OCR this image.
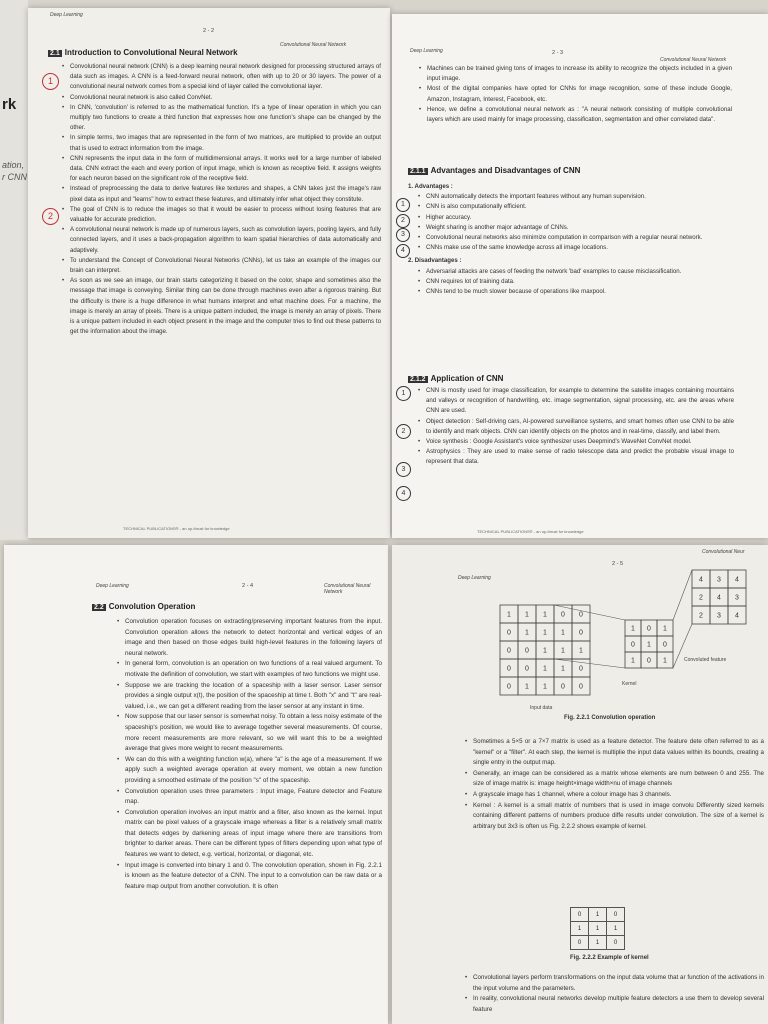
rk
ation,
r CNN
Deep Learning
2 - 2
Convolutional Neural Network
2.1 Introduction to Convolutional Neural Network
1
2
• Convolutional neural network (CNN) is a deep learning neural network designed for processing structured arrays of data such as images. A CNN is a feed-forward neural network, often with up to 20 or 30 layers. The power of a convolutional neural network comes from a special kind of layer called the convolutional layer.
• Convolutional neural network is also called ConvNet.
• In CNN, 'convolution' is referred to as the mathematical function. It's a type of linear operation in which you can multiply two functions to create a third function that expresses how one function's shape can be changed by the other.
• In simple terms, two images that are represented in the form of two matrices, are multiplied to provide an output that is used to extract information from the image.
• CNN represents the input data in the form of multidimensional arrays. It works well for a large number of labeled data. CNN extract the each and every portion of input image, which is known as receptive field. It assigns weights for each neuron based on the significant role of the receptive field.
• Instead of preprocessing the data to derive features like textures and shapes, a CNN takes just the image's raw pixel data as input and "learns" how to extract these features, and ultimately infer what object they constitute.
• The goal of CNN is to reduce the images so that it would be easier to process without losing features that are valuable for accurate prediction.
• A convolutional neural network is made up of numerous layers, such as convolution layers, pooling layers, and fully connected layers, and it uses a back-propagation algorithm to learn spatial hierarchies of data automatically and adaptively.
• To understand the Concept of Convolutional Neural Networks (CNNs), let us take an example of the images our brain can interpret.
• As soon as we see an image, our brain starts categorizing it based on the color, shape and sometimes also the message that image is conveying. Similar thing can be done through machines even after a rigorous training. But the difficulty is there is a huge difference in what humans interpret and what machine does. For a machine, the image is merely an array of pixels. There is a unique pattern included, the image is merely an array of pixels. There is a unique pattern included in each object present in the image and the computer tries to find out these patterns to get the information about the image.
TECHNICAL PUBLICATIONS® - an up-thrust for knowledge
Deep Learning	2 - 3
Convolutional Neural Network
• Machines can be trained giving tons of images to increase its ability to recognize the objects included in a given input image.
• Most of the digital companies have opted for CNNs for image recognition, some of these include Google, Amazon, Instagram, Interest, Facebook, etc.
• Hence, we define a convolutional neural network as : "A neural network consisting of multiple convolutional layers which are used mainly for image processing, classification, segmentation and other correlated data".
2.1.1 Advantages and Disadvantages of CNN
1. Advantages :
• CNN automatically detects the important features without any human supervision.
• CNN is also computationally efficient.
• Higher accuracy.
• Weight sharing is another major advantage of CNNs.
• Convolutional neural networks also minimize computation in comparison with a regular neural network.
• CNNs make use of the same knowledge across all image locations.
2. Disadvantages :
• Adversarial attacks are cases of feeding the network 'bad' examples to cause misclassification.
• CNN requires lot of training data.
• CNNs tend to be much slower because of operations like maxpool.
2.1.2 Application of CNN
• CNN is mostly used for image classification, for example to determine the satellite images containing mountains and valleys or recognition of handwriting, etc. image segmentation, signal processing, etc. are the areas where CNN are used.
• Object detection : Self-driving cars, AI-powered surveillance systems, and smart homes often use CNN to be able to identify and mark objects. CNN can identify objects on the photos and in real-time, classify, and label them.
• Voice synthesis : Google Assistant's voice synthesizer uses Deepmind's WaveNet ConvNet model.
• Astrophysics : They are used to make sense of radio telescope data and predict the probable visual image to represent that data.
1
2
3
4
1
2
3
4
TECHNICAL PUBLICATIONS® - an up-thrust for knowledge
Deep Learning	2 - 4	Convolutional Neural Network
2.2 Convolution Operation
• Convolution operation focuses on extracting/preserving important features from the input. Convolution operation allows the network to detect horizontal and vertical edges of an image and then based on those edges build high-level features in the following layers of neural network.
• In general form, convolution is an operation on two functions of a real valued argument. To motivate the definition of convolution, we start with examples of two functions we might use.
• Suppose we are tracking the location of a spaceship with a laser sensor. Laser sensor provides a single output x(t), the position of the spaceship at time t. Both "x" and "t" are real-valued, i.e., we can get a different reading from the laser sensor at any instant in time.
• Now suppose that our laser sensor is somewhat noisy. To obtain a less noisy estimate of the spaceship's position, we would like to average together several measurements. Of course, more recent measurements are more relevant, so we will want this to be a weighted average that gives more weight to recent measurements.
• We can do this with a weighting function w(a), where "a" is the age of a measurement. If we apply such a weighted average operation at every moment, we obtain a new function providing a smoothed estimate of the position "s" of the spaceship.
• Convolution operation uses three parameters : Input image, Feature detector and Feature map.
• Convolution operation involves an input matrix and a filter, also known as the kernel. Input matrix can be pixel values of a grayscale image whereas a filter is a relatively small matrix that detects edges by darkening areas of input image where there are transitions from brighter to darker areas. There can be different types of filters depending upon what type of features we want to detect, e.g. vertical, horizontal, or diagonal, etc.
• Input image is converted into binary 1 and 0. The convolution operation, shown in Fig. 2.2.1 is known as the feature detector of a CNN. The input to a convolution can be raw data or a feature map output from another convolution. It is often
Convolutional Neur
2 - 5
Deep Learning
1 1 1 0 0
0 1 1 1 0
0 0 1 1 1
0 0 1 1 0
0 1 1 0 0
1 0 1
0 1 0
1 0 1
4 3 4
2 4 3
2 3 4
Input data
Kernel
Convoluted feature
Fig. 2.2.1 Convolution operation
• Sometimes a 5×5 or a 7×7 matrix is used as a feature detector. The feature dete often referred to as a "kernel" or a "filter". At each step, the kernel is multiplie the input data values within its bounds, creating a single entry in the output map.
• Generally, an image can be considered as a matrix whose elements are num between 0 and 255. The size of image matrix is: image height×image width×nu of image channels
• A grayscale image has 1 channel, where a colour image has 3 channels.
• Kernel : A kernel is a small matrix of numbers that is used in image convolu Differently sized kernels containing different patterns of numbers produce diffe results under convolution. The size of a kernel is arbitrary but 3x3 is often us Fig. 2.2.2 shows example of kernel.
0	1	0
1	1	1
0	1	0
Fig. 2.2.2 Example of kernel
• Convolutional layers perform transformations on the input data volume that ar function of the activations in the input volume and the parameters.
• In reality, convolutional neural networks develop multiple feature detectors a use them to develop several feature
